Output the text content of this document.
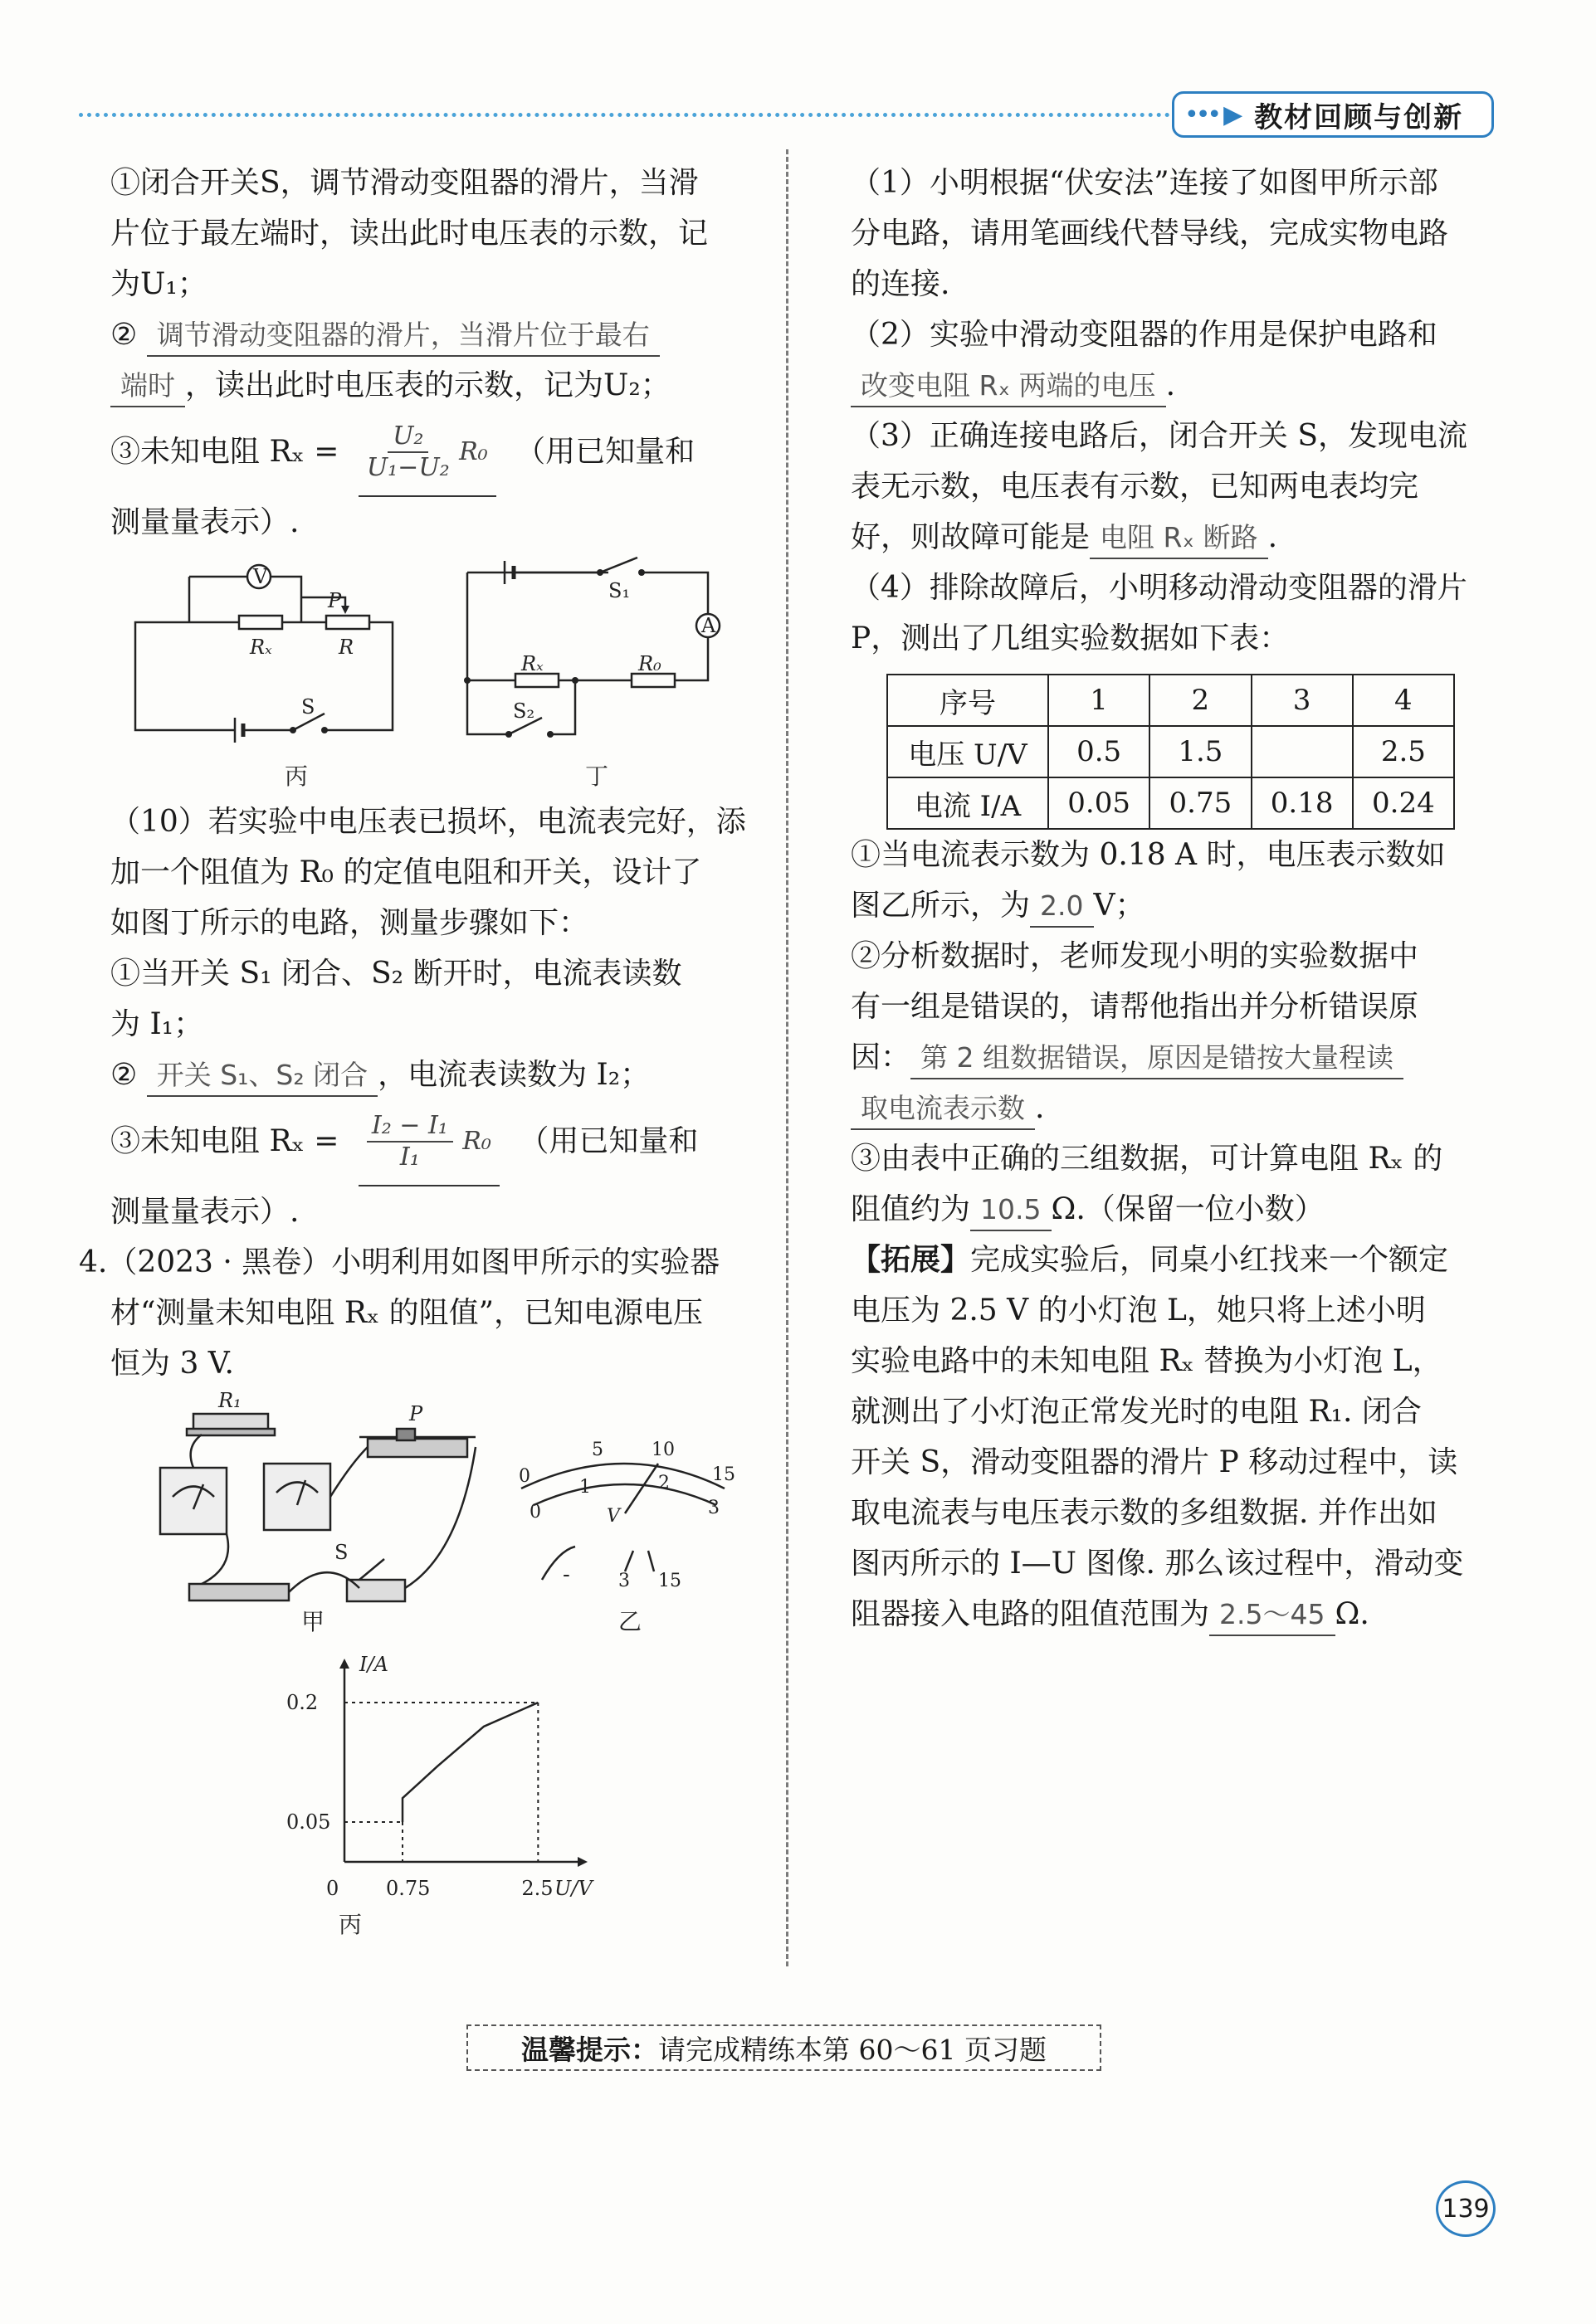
••• ▶ 教材回顾与创新

①闭合开关S，调节滑动变阻器的滑片，当滑

片位于最左端时，读出此时电压表的示数，记

为U₁；

② 调节滑动变阻器的滑片，当滑片位于最右

端时 ，读出此时电压表的示数，记为U₂；

③未知电阻 $R_x = \frac{\text{U₂}}{\text{U₁−U₂}} R_0$ （用已知量和

测量量表示）.

V
A
P
R
Rₓ
S
S₁
Rₓ	R₀
S₂
丙	丁

（10）若实验中电压表已损坏，电流表完好，添

加一个阻值为 R₀ 的定值电阻和开关，设计了

如图丁所示的电路，测量步骤如下：

①当开关 S₁ 闭合、S₂ 断开时，电流表读数

为 I₁；

② 开关 S₁、S₂ 闭合 ，电流表读数为 I₂；

③未知电阻 $R_x = \frac{\text{I₂ − I₁}}{\text{I₁}} R_0$ （用已知量和

测量量表示）.

4.（2023 · 黑卷）小明利用如图甲所示的实验器

材“测量未知电阻 Rₓ 的阻值”，已知电源电压

恒为 3 V.

R₁
P
S
甲
0
5	10
15
0
1	2
3
V
-	3 15
乙
0 0.75	2.5
0.05
0.2
I/A
U/V
丙

（1）小明根据“伏安法”连接了如图甲所示部

分电路，请用笔画线代替导线，完成实物电路

的连接.

（2）实验中滑动变阻器的作用是保护电路和

改变电阻 Rₓ 两端的电压 .

（3）正确连接电路后，闭合开关 S，发现电流

表无示数，电压表有示数，已知两电表均完

好，则故障可能是 电阻 Rₓ 断路 .

（4）排除故障后，小明移动滑动变阻器的滑片

P，测出了几组实验数据如下表：

序号	1	2	3	4
电压 U/V	0.5	1.5		2.5
电流 I/A	0.05	0.75	0.18	0.24

①当电流表示数为 0.18 A 时，电压表示数如

图乙所示，为 2.0 V；

②分析数据时，老师发现小明的实验数据中

有一组是错误的，请帮他指出并分析错误原

因： 第 2 组数据错误，原因是错按大量程读

取电流表示数 .

③由表中正确的三组数据，可计算电阻 Rₓ 的

阻值约为 10.5 Ω.（保留一位小数）

【拓展】完成实验后，同桌小红找来一个额定

电压为 2.5 V 的小灯泡 L，她只将上述小明

实验电路中的未知电阻 Rₓ 替换为小灯泡 L，

就测出了小灯泡正常发光时的电阻 R₁. 闭合

开关 S，滑动变阻器的滑片 P 移动过程中，读

取电流表与电压表示数的多组数据. 并作出如

图丙所示的 I—U 图像. 那么该过程中，滑动变

阻器接入电路的阻值范围为 2.5～45 Ω.

温馨提示： 请完成精练本第 60～61 页习题
139
